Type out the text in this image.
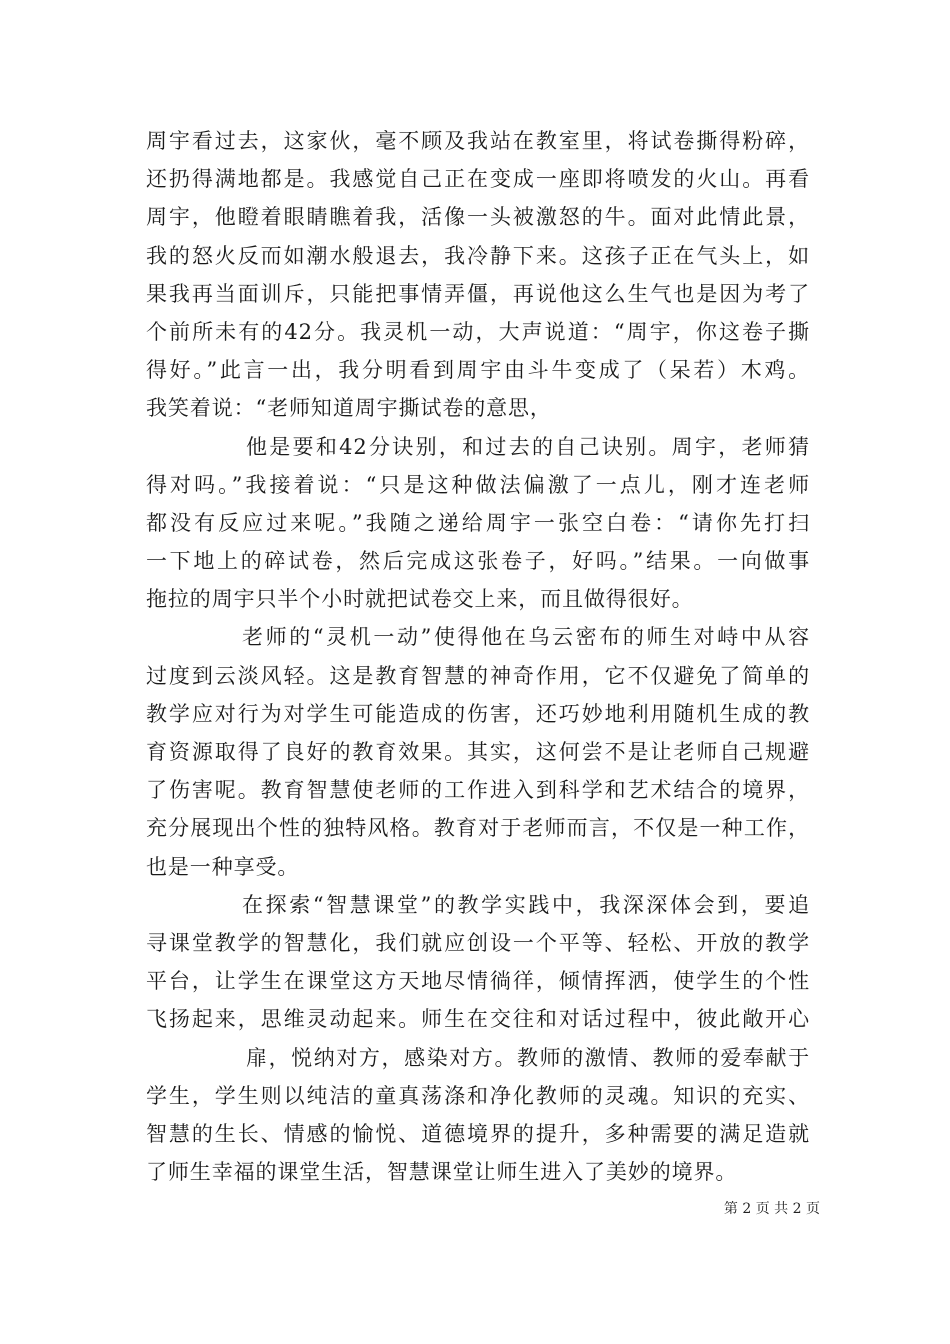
周宇看过去，这家伙，毫不顾及我站在教室里，将试卷撕得粉碎，
还扔得满地都是。我感觉自己正在变成一座即将喷发的火山。再看
周宇，他瞪着眼睛瞧着我，活像一头被激怒的牛。面对此情此景，
我的怒火反而如潮水般退去，我冷静下来。这孩子正在气头上，如
果我再当面训斥，只能把事情弄僵，再说他这么生气也是因为考了
个前所未有的42分。我灵机一动，大声说道：“周宇，你这卷子撕
得好。”此言一出，我分明看到周宇由斗牛变成了（呆若）木鸡。
我笑着说：“老师知道周宇撕试卷的意思，
他是要和42分诀别，和过去的自己诀别。周宇，老师猜
得对吗。”我接着说：“只是这种做法偏激了一点儿，刚才连老师
都没有反应过来呢。”我随之递给周宇一张空白卷：“请你先打扫
一下地上的碎试卷，然后完成这张卷子，好吗。”结果。一向做事
拖拉的周宇只半个小时就把试卷交上来，而且做得很好。
老师的“灵机一动”使得他在乌云密布的师生对峙中从容
过度到云淡风轻。这是教育智慧的神奇作用，它不仅避免了简单的
教学应对行为对学生可能造成的伤害，还巧妙地利用随机生成的教
育资源取得了良好的教育效果。其实，这何尝不是让老师自己规避
了伤害呢。教育智慧使老师的工作进入到科学和艺术结合的境界，
充分展现出个性的独特风格。教育对于老师而言，不仅是一种工作，
也是一种享受。
在探索“智慧课堂”的教学实践中，我深深体会到，要追
寻课堂教学的智慧化，我们就应创设一个平等、轻松、开放的教学
平台，让学生在课堂这方天地尽情徜徉，倾情挥洒，使学生的个性
飞扬起来，思维灵动起来。师生在交往和对话过程中，彼此敞开心
扉，悦纳对方，感染对方。教师的激情、教师的爱奉献于
学生，学生则以纯洁的童真荡涤和净化教师的灵魂。知识的充实、
智慧的生长、情感的愉悦、道德境界的提升，多种需要的满足造就
了师生幸福的课堂生活，智慧课堂让师生进入了美妙的境界。
第 2 页 共 2 页
